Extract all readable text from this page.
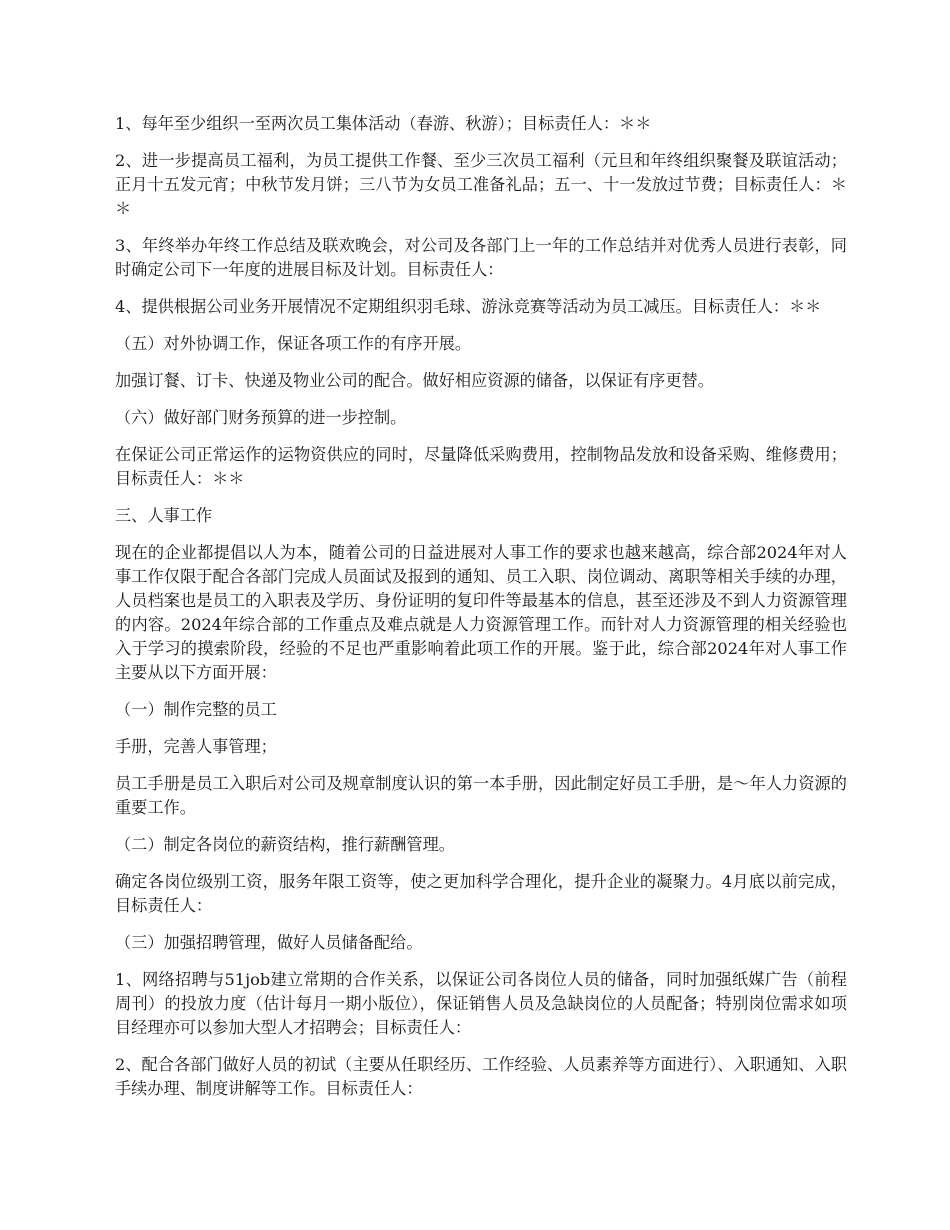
1、每年至少组织一至两次员工集体活动（春游、秋游）；目标责任人：＊＊

2、进一步提高员工福利，为员工提供工作餐、至少三次员工福利（元旦和年终组织聚餐及联谊活动；正月十五发元宵；中秋节发月饼；三八节为女员工准备礼品；五一、十一发放过节费；目标责任人：＊＊

3、年终举办年终工作总结及联欢晚会，对公司及各部门上一年的工作总结并对优秀人员进行表彰，同时确定公司下一年度的进展目标及计划。目标责任人：

4、提供根据公司业务开展情况不定期组织羽毛球、游泳竞赛等活动为员工减压。目标责任人：＊＊

（五）对外协调工作，保证各项工作的有序开展。

加强订餐、订卡、快递及物业公司的配合。做好相应资源的储备，以保证有序更替。

（六）做好部门财务预算的进一步控制。

在保证公司正常运作的运物资供应的同时，尽量降低采购费用，控制物品发放和设备采购、维修费用；目标责任人：＊＊

三、人事工作

现在的企业都提倡以人为本，随着公司的日益进展对人事工作的要求也越来越高，综合部2024年对人事工作仅限于配合各部门完成人员面试及报到的通知、员工入职、岗位调动、离职等相关手续的办理，人员档案也是员工的入职表及学历、身份证明的复印件等最基本的信息，甚至还涉及不到人力资源管理的内容。2024年综合部的工作重点及难点就是人力资源管理工作。而针对人力资源管理的相关经验也入于学习的摸索阶段，经验的不足也严重影响着此项工作的开展。鉴于此，综合部2024年对人事工作主要从以下方面开展：

（一）制作完整的员工

手册，完善人事管理；

员工手册是员工入职后对公司及规章制度认识的第一本手册，因此制定好员工手册，是～年人力资源的重要工作。

（二）制定各岗位的薪资结构，推行薪酬管理。

确定各岗位级别工资，服务年限工资等，使之更加科学合理化，提升企业的凝聚力。4月底以前完成，目标责任人：

（三）加强招聘管理，做好人员储备配给。

1、网络招聘与51job建立常期的合作关系，以保证公司各岗位人员的储备，同时加强纸媒广告（前程周刊）的投放力度（估计每月一期小版位），保证销售人员及急缺岗位的人员配备；特别岗位需求如项目经理亦可以参加大型人才招聘会；目标责任人：

2、配合各部门做好人员的初试（主要从任职经历、工作经验、人员素养等方面进行）、入职通知、入职手续办理、制度讲解等工作。目标责任人：
